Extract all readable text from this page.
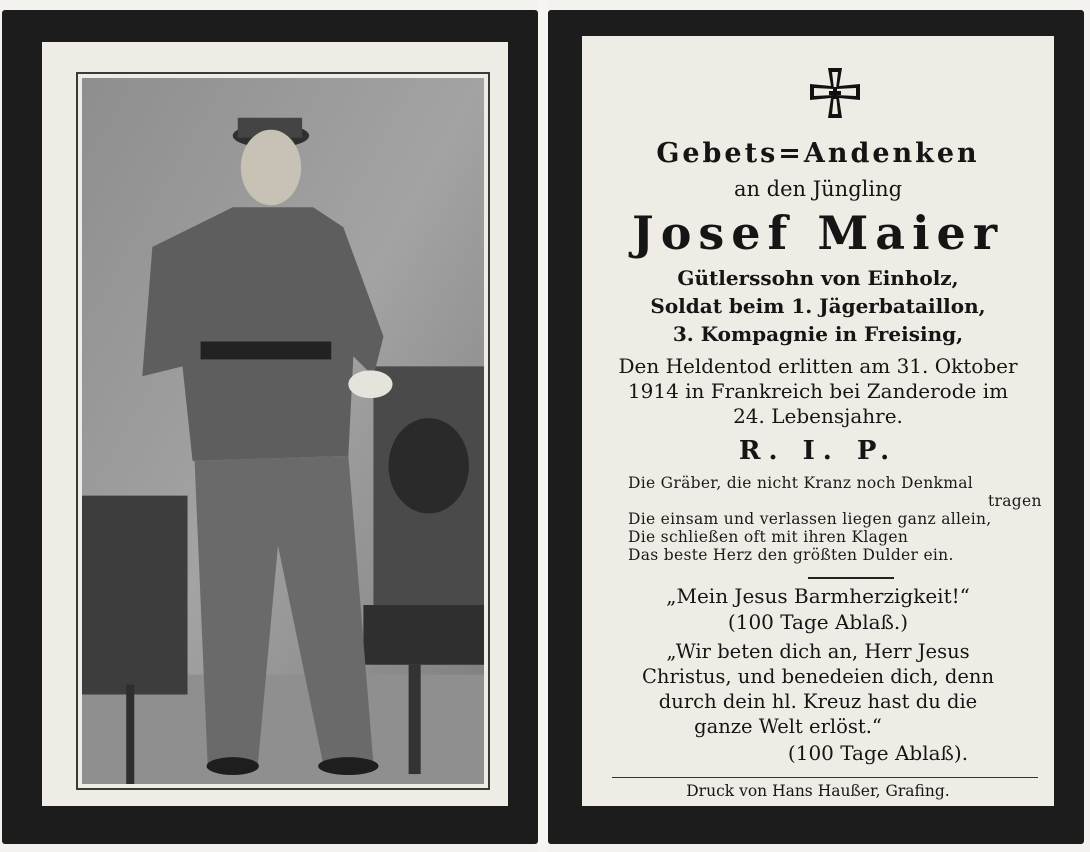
Gebets=Andenken
an den Jüngling
Josef Maier
Gütlerssohn von Einholz,
Soldat beim 1. Jägerbataillon,
3. Kompagnie in Freising,
Den Heldentod erlitten am 31. Oktober
1914 in Frankreich bei Zanderode im
24. Lebensjahre.
R. I. P.
Die Gräber, die nicht Kranz noch Denkmal
tragen
Die einsam und verlassen liegen ganz allein,
Die schließen oft mit ihren Klagen
Das beste Herz den größten Dulder ein.
„Mein Jesus Barmherzigkeit!“
(100 Tage Ablaß.)
„Wir beten dich an, Herr Jesus
Christus, und benedeien dich, denn
durch dein hl. Kreuz hast du die
ganze Welt erlöst.“
(100 Tage Ablaß).
Druck von Hans Haußer, Grafing.
